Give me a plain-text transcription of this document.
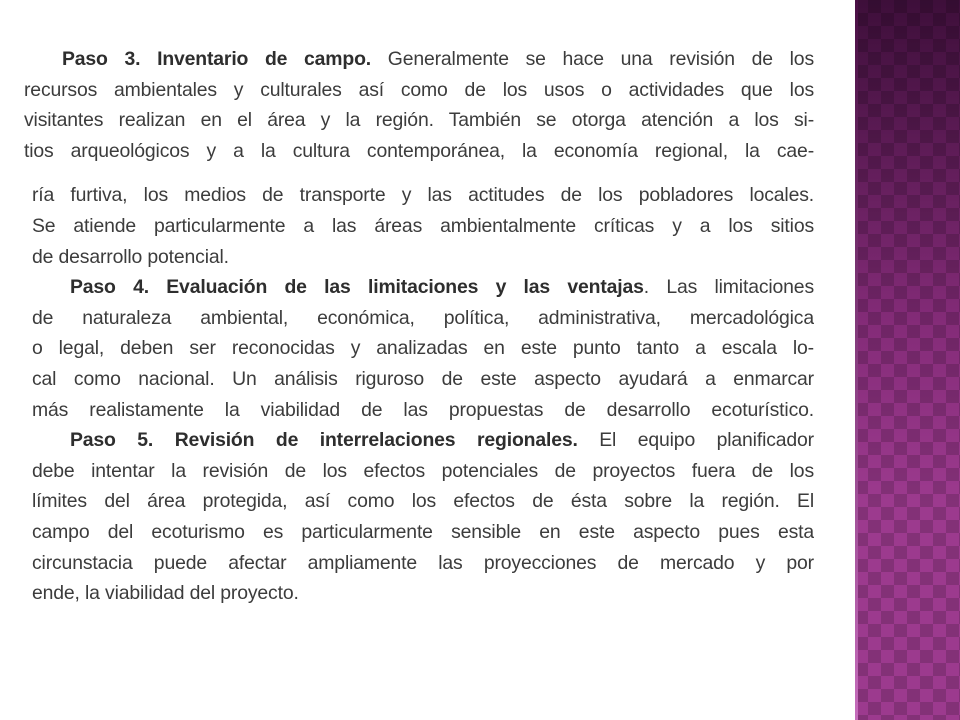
Paso 3. Inventario de campo. Generalmente se hace una revisión de los
recursos ambientales y culturales así como de los usos o actividades que los
visitantes realizan en el área y la región. También se otorga atención a los si-
tios arqueológicos y a la cultura contemporánea, la economía regional, la cae-
ría furtiva, los medios de transporte y las actitudes de los pobladores locales.
Se atiende particularmente a las áreas ambientalmente críticas y a los sitios
de desarrollo potencial.
Paso 4. Evaluación de las limitaciones y las ventajas. Las limitaciones
de naturaleza ambiental, económica, política, administrativa, mercadológica
o legal, deben ser reconocidas y analizadas en este punto tanto a escala lo-
cal como nacional. Un análisis riguroso de este aspecto ayudará a enmarcar
más realistamente la viabilidad de las propuestas de desarrollo ecoturístico.
Paso 5. Revisión de interrelaciones regionales. El equipo planificador
debe intentar la revisión de los efectos potenciales de proyectos fuera de los
límites del área protegida, así como los efectos de ésta sobre la región. El
campo del ecoturismo es particularmente sensible en este aspecto pues esta
circunstacia puede afectar ampliamente las proyecciones de mercado y por
ende, la viabilidad del proyecto.
